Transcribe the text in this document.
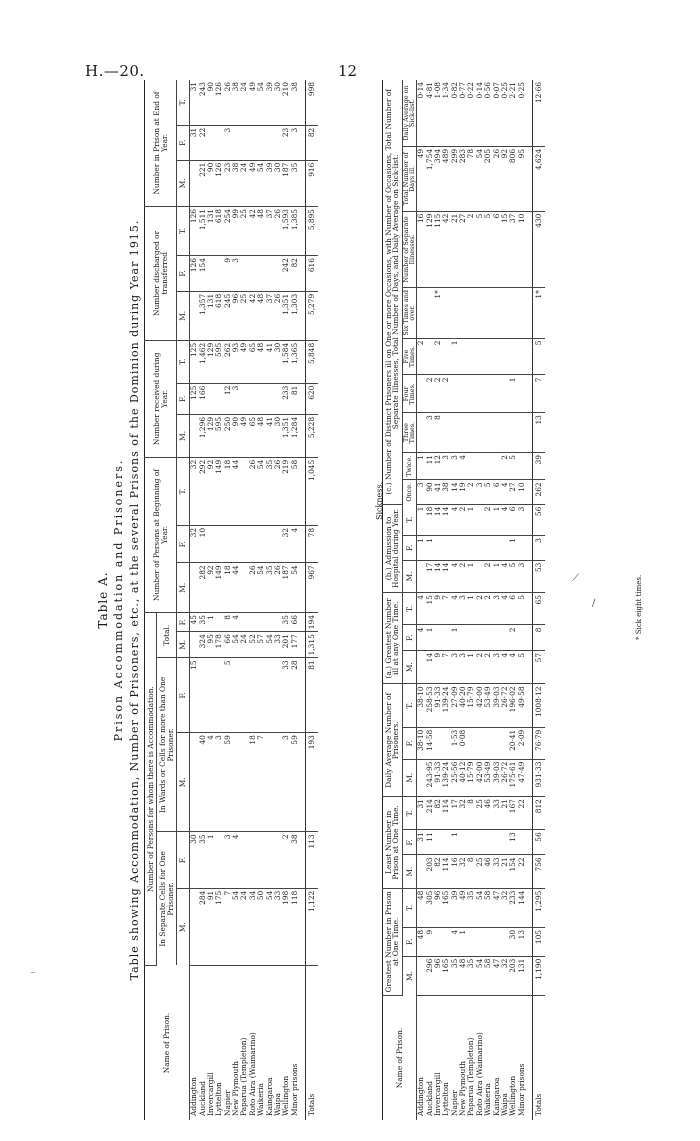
H.—20.	12
Table A. Prison Accommodation and Prisoners. Table showing Accommodation, Number of Prisoners, etc., at the several Prisons of the Dominion during Year 1915.
Name of Prison.	Number of Persons for whom there is Accommodation.						Number of Persons at Beginning of Year.			Number received during Year.			Number discharged or transferred			Number in Prison at End of Year.		
	In Separate Cells for One Prisoner.		In Wards or Cells for more than One Prisoner.		Total.													
	M.	F.	M.	F.	M.	F.	M.	F.	T.	M.	F.	T.	M.	F.	T.	M.	F.	T.
Addington		30		15		45		32	32		125	125		126	126		31	31
Auckland	284	35	40		324	35	282	10	292	1,296	166	1,462	1,357	154	1,511	221	22	243
Invercargill	91	1	4		95	1	92		92	129		129	131		131	90		90
Lyttelton	175		3		178		149		149	595		595	618		618	126		126
Napier	7	3	59	5	66	8	18		18	250	12	262	245	9	254	23	3	26
New Plymouth	54	4			54	4	44		44	90	3	93	96	3	99	38		38
Paparua (Templeton)	24				24					49		49	25		25	24		24
Roto Aira (Waimarino)	34		18		52		26		26	65		65	42		42	49		49
Waikeria	50		7		57		54		54	48		48	48		48	54		54
Kaingaroa	54				54		35		35	41		41	37		37	39		39
Waipa	33				33		26		26	30		30	26		26	30		30
Wellington	198	2	3	33	201	35	187	32	219	1,351	233	1,584	1,351	242	1,593	187	23	210
Minor prisons	118	38	59	28	177	66	54	4	58	1,284	81	1,365	1,303	82	1,385	35	3	38

Totals	1,122	113	193	81	1,315	194	967	78	1,045	5,228	620	5,848	5,279	616	5,895	916	82	998
Sickness.
Name of Prison.	Greatest Number in Prison at One Time.			Least Number in Prison at One Time.			Daily Average Number of Prisoners.			(a.) Greatest Number ill at any One Time.			(b.) Admission to Hospital during Year.			(c.) Number of Distinct Prisoners ill on One or more Occasions, with Number of Occasions, Total Number of Separate Illnesses, Total Number of Days, and Daily Average on Sick-list.								
																Once.	Twice.	Three Times.	Four Times.	Five Times.	Six Times and over.	Number of Separate Illnesses.	Total Number of Days ill.	Daily Average on Sick-list.
	M.	F.	T.	M.	F.	T.	M.	F.	T.	M.	F.	T.	M.	F.	T.									
Addington		48	48		31	31		38·10	38·10		4	4		1	1	3	1			2		16	49	0·14
Auckland	296	9	305	203	11	214	243·95	14·58	258·53	14	1	15	17	1	18	90	11	3	2			129	1,754	4·81
Invercargill	96		96	82		82	91·33		91·33	9		9	14		14	41	12	8	2	2	1*	115	394	1·08
Lyttelton	165		165	114		114	139·24		139·24	7		7	14		14	38	3		2			42	489	1·34
Napier	35	4	39	16	1	17	25·56	1·53	27·09	3	1	4	4		4	14	3			1		21	299	0·82
New Plymouth	48	1	49	32		32	40·12	0·08	40·20	3		3	2		2	19	4					27	283	0·77
Paparua (Templeton)	35		35	8		8	15·79		15·79	1		1	1		1	2						2	78	0·22
Roto Aira (Waimarino)	54		54	25		25	42·00		42·00	2		2				3						5	54	0·14
Waikeria	58		58	46		46	53·49		53·49	2		2	2		2	5						5	205	0·56
Kaingaroa	47		47	33		33	39·03		39·03	3		3	1		1	6						6	26	0·07
Waipa	32		32	21		21	26·72		26·72	4		4	4		4	4	2					15	92	0·25
Wellington	203	30	233	154	13	167	175·61	20·41	196·02	4	2	6	5	1	6	27	5		1			37	806	2·21
Minor prisons	131	13	144	22		22	47·49	2·09	49·58	5		5	3		3	10						10	95	0·25

Totals	1,190	105	1,295	756	56	812	931·33	76·79	1008·12	57	8	65	53	3	56	262	39	13	7	5	1*	430	4,624	12·66
* Sick eight times.
⟋
∕
⁻
